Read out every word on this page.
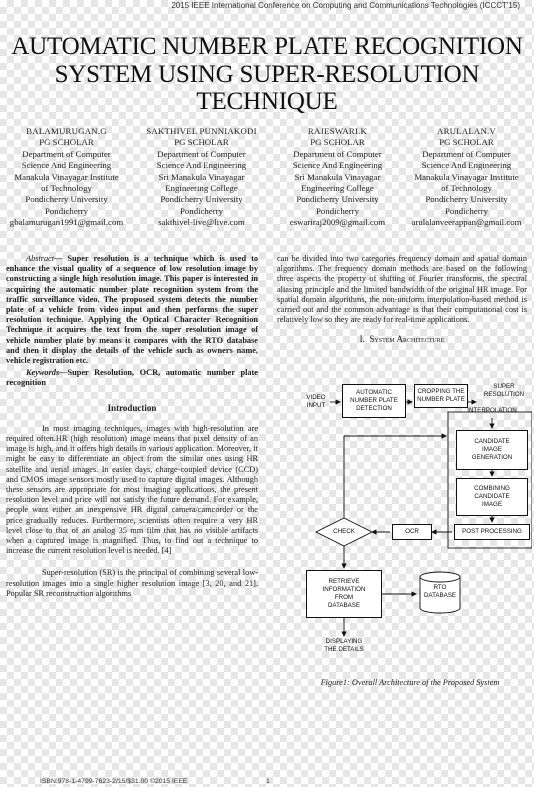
2015 IEEE International Conference on Computing and Communications Technologies (ICCCT'15)
AUTOMATIC NUMBER PLATE RECOGNITION
SYSTEM USING SUPER-RESOLUTION
TECHNIQUE
BALAMURUGAN.G
PG SCHOLAR
Department of Computer
Science And Engineering
Manakula Vinayagar Institute
of Technology
Pondicherry University
Pondicherry
gbalamurugan1991@gmail.com
SAKTHIVEL PUNNIAKODI
PG SCHOLAR
Department of Computer
Science And Engineering
Sri Manakula Vinayagar
Engineering College
Pondicherry University
Pondicherry
sakthivel-live@live.com
RAJESWARI.K
PG SCHOLAR
Department of Computer
Science And Engineering
Sri Manakula Vinayagar
Engineering College
Pondicherry University
Pondicherry
eswariraj2009@gmail.com
ARULALAN.V
PG SCHOLAR
Department of Computer
Science And Engineering
Manakula Vinayagar Institute
of Technology
Pondicherry University
Pondicherry
arulalanveerappan@gmail.com

Abstract— Super resolution is a technique which is used to enhance the visual quality of a sequence of low resolution image by constructing a single high resolution image. This paper is interested in acquiring the automatic number plate recognition system from the traffic surveillance video. The proposed system detects the number plate of a vehicle from video input and then performs the super resolution technique. Applying the Optical Character Recognition Technique it acquires the text from the super resolution image of vehicle number plate by means it compares with the RTO database and then it display the details of the vehicle such as owners name, vehicle registration etc.

Keywords—Super Resolution, OCR, automatic number plate recognition

Introduction

In most imaging techniques, images with high-resolution are required often.HR (high resolution) image means that pixel density of an image is high, and it offers high details in various application. Moreover, it might be easy to differentiate an object from the similar ones using HR satellite and aerial images. In easier days, charge-coupled device (CCD) and CMOS image sensors mostly used to capture digital images. Although these sensors are appropriate for most imaging applications, the present resolution level and price will not satisfy the future demand. For example, people want either an inexpensive HR digital camera/camcorder or the price gradually reduces. Furthermore, scientists often require a very HR level close to that of an analog 35 mm film that has no visible artifacts when a captured image is magnified. Thus, to find out a technique to increase the current resolution level is needed. [4]

Super-resolution (SR) is the principal of combining several low-resolution images into a single higher resolution image [3, 20, and 21]. Popular SR reconstruction algorithms

can be divided into two categories frequency domain and spatial domain algorithms. The frequency domain methods are based on the following three aspects the property of shifting of Fourier transforms, the spectral aliasing principle and the limited bandwidth of the original HR image. For spatial domain algorithms, the non-uniform interpolation-based method is carried out and the common advantage is that their computational cost is relatively low so they are ready for real-time applications.

I. System Architecture
VIDEO
INPUT
AUTOMATIC
NUMBER PLATE
DETECTION
CROPPING THE
NUMBER PLATE
SUPER RESOLUTION
INTERPOLATION
CANDIDATE
IMAGE
GENERATION
COMBINING
CANDIDATE
IMAGE
POST PROCESSING
OCR
CHECK
RETRIEVE
INFORMATION
FROM
DATABASE
RTO
DATABASE
DISPLAYING
THE DETAILS
Figure1: Overall Architecture of the Proposed System
ISBN:978-1-4799-7623-2/15/$31.00 ©2015 IEEE	1
